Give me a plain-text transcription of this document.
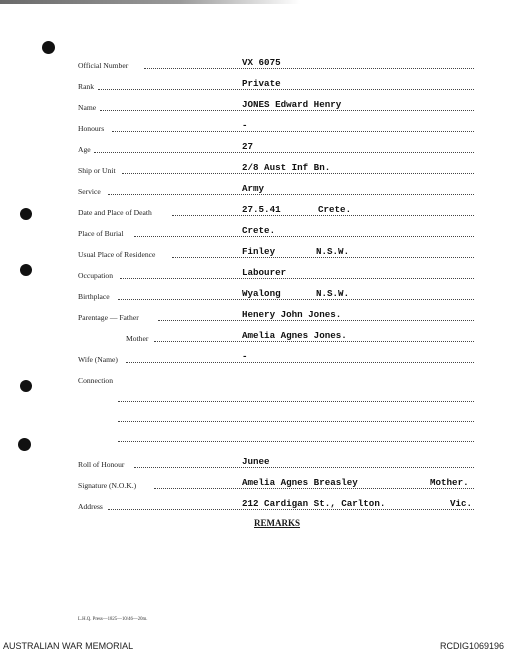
Official Number	VX 6075
Rank	Private
Name	JONES Edward Henry
Honours	-
Age	27
Ship or Unit	2/8 Aust Inf Bn.
Service	Army
Date and Place of Death	27.5.41	Crete.
Place of Burial	Crete.
Usual Place of Residence	Finley	N.S.W.
Occupation	Labourer
Birthplace	Wyalong	N.S.W.
Parentage — Father	Henery John Jones.
Mother	Amelia Agnes Jones.
Wife (Name)	-
Connection
Roll of Honour	Junee
Signature (N.O.K.)	Amelia Agnes Breasley	Mother.
Address	212 Cardigan St., Carlton.	Vic.
REMARKS
L.H.Q. Press—1825—10/46—20m.
AUSTRALIAN WAR MEMORIAL	RCDIG1069196
